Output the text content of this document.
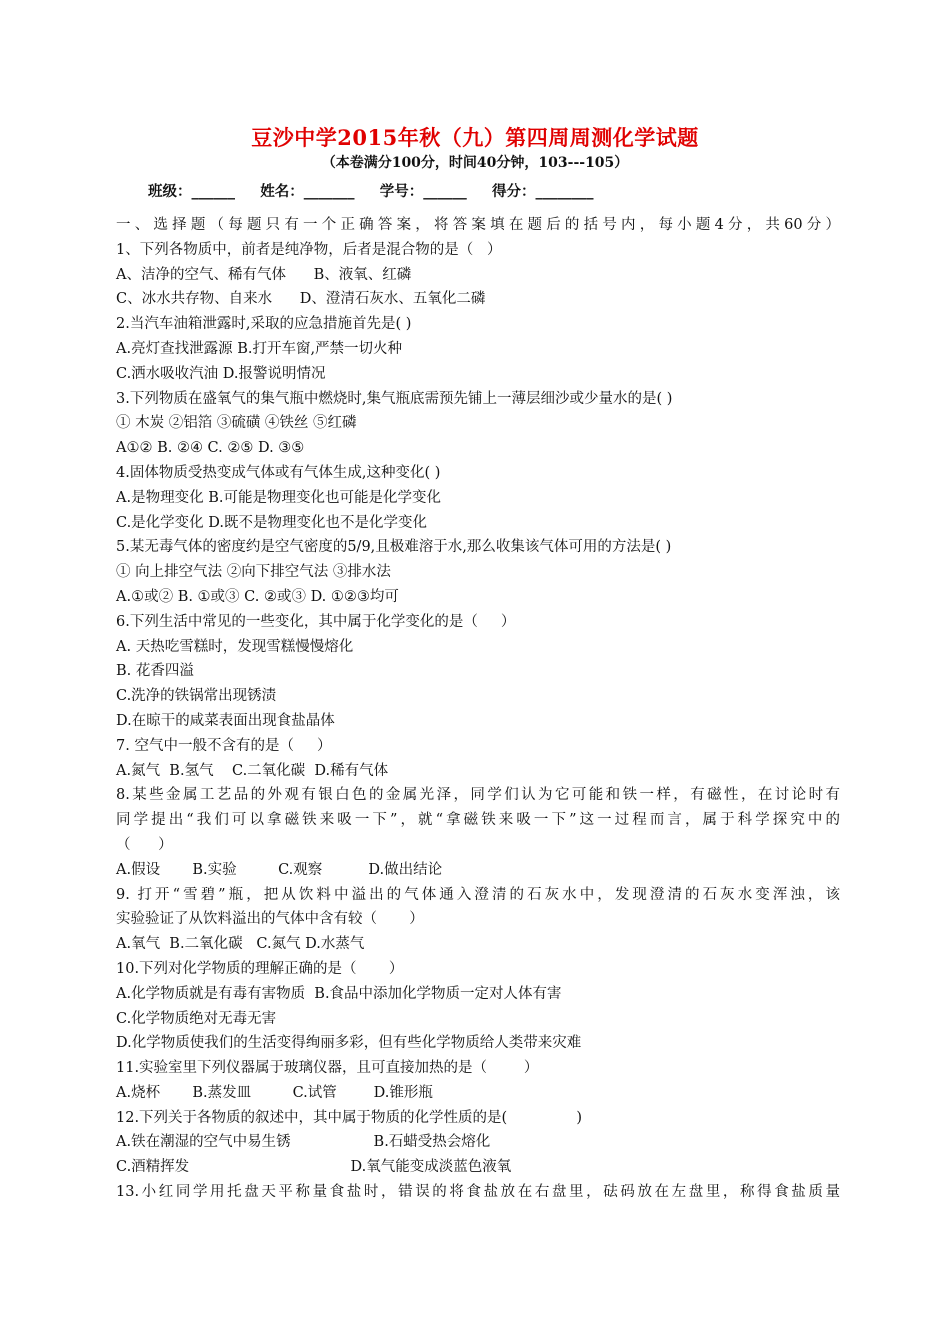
豆沙中学2015年秋（九）第四周周测化学试题
（本卷满分100分，时间40分钟，103---105）
班级：______     姓名：_______     学号：______     得分：________
一、选择题（每题只有一个正确答案，将答案填在题后的括号内，每小题4分，共60分）
1、下列各物质中，前者是纯净物，后者是混合物的是（   ）
A、洁净的空气、稀有气体      B、液氧、红磷
C、冰水共存物、自来水      D、澄清石灰水、五氧化二磷
2.当汽车油箱泄露时,采取的应急措施首先是( )
A.亮灯查找泄露源 B.打开车窗,严禁一切火种
C.洒水吸收汽油 D.报警说明情况
3.下列物质在盛氧气的集气瓶中燃烧时,集气瓶底需预先铺上一薄层细沙或少量水的是( )
① 木炭 ②铝箔 ③硫磺 ④铁丝 ⑤红磷
A①② B. ②④ C. ②⑤ D. ③⑤
4.固体物质受热变成气体或有气体生成,这种变化( )
A.是物理变化 B.可能是物理变化也可能是化学变化
C.是化学变化 D.既不是物理变化也不是化学变化
5.某无毒气体的密度约是空气密度的5/9,且极难溶于水,那么收集该气体可用的方法是( )
① 向上排空气法 ②向下排空气法 ③排水法
A.①或② B. ①或③ C. ②或③ D. ①②③均可
6.下列生活中常见的一些变化，其中属于化学变化的是（     ）
A. 天热吃雪糕时，发现雪糕慢慢熔化
B. 花香四溢
C.洗净的铁锅常出现锈渍
D.在晾干的咸菜表面出现食盐晶体
7. 空气中一般不含有的是（     ）
A.氮气  B.氢气    C.二氧化碳  D.稀有气体
8.某些金属工艺品的外观有银白色的金属光泽，同学们认为它可能和铁一样，有磁性，在讨论时有
同学提出“我们可以拿磁铁来吸一下”，就“拿磁铁来吸一下”这一过程而言，属于科学探究中的
（      ）
A.假设       B.实验         C.观察          D.做出结论
9. 打开“雪碧”瓶，把从饮料中溢出的气体通入澄清的石灰水中，发现澄清的石灰水变浑浊，该
实验验证了从饮料溢出的气体中含有较（       ）
A.氧气  B.二氧化碳   C.氮气 D.水蒸气
10.下列对化学物质的理解正确的是（       ）
A.化学物质就是有毒有害物质  B.食品中添加化学物质一定对人体有害
C.化学物质绝对无毒无害
D.化学物质使我们的生活变得绚丽多彩，但有些化学物质给人类带来灾难
11.实验室里下列仪器属于玻璃仪器，且可直接加热的是（        ）
A.烧杯       B.蒸发皿         C.试管        D.锥形瓶
12.下列关于各物质的叙述中，其中属于物质的化学性质的是(               )
A.铁在潮湿的空气中易生锈                  B.石蜡受热会熔化
C.酒精挥发                                   D.氧气能变成淡蓝色液氧
13.小红同学用托盘天平称量食盐时，错误的将食盐放在右盘里，砝码放在左盘里，称得食盐质量
